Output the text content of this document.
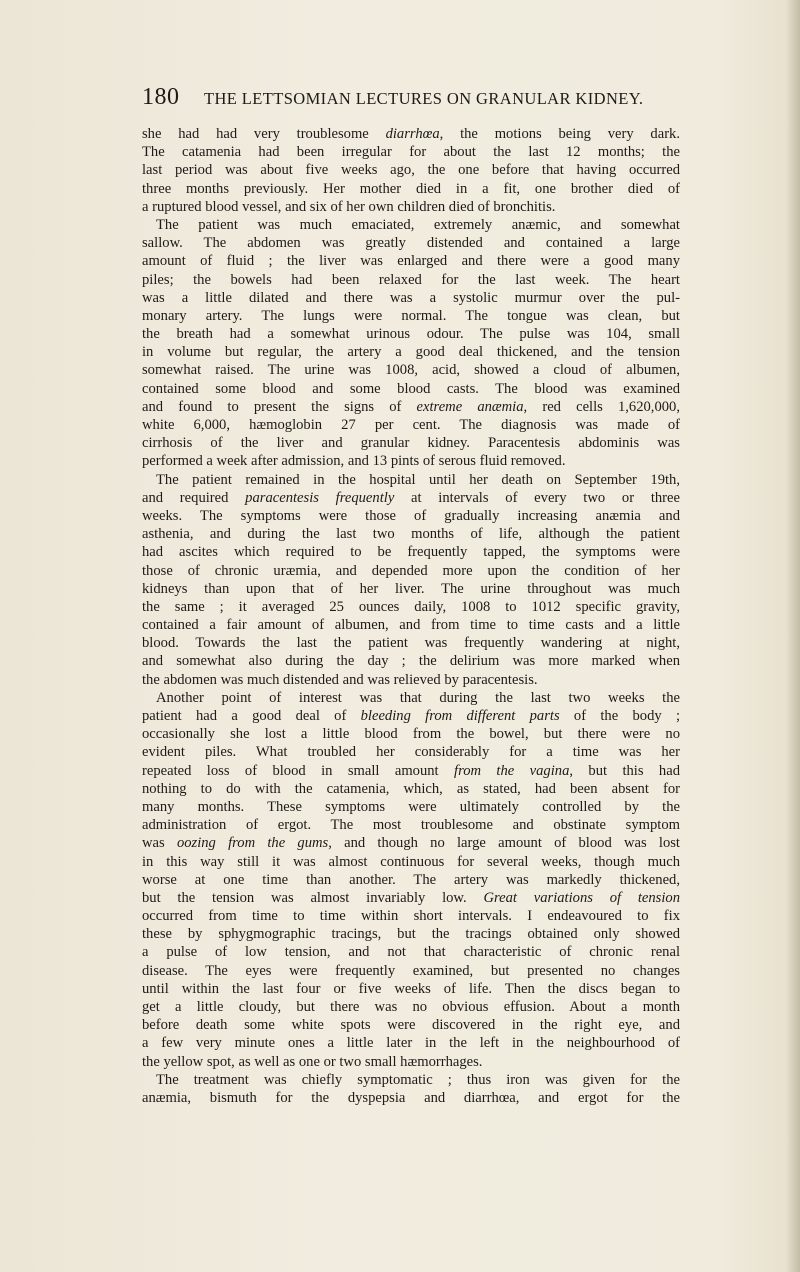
180 THE LETTSOMIAN LECTURES ON GRANULAR KIDNEY.
she had had very troublesome diarrhœa, the motions being very dark.
The catamenia had been irregular for about the last 12 months; the
last period was about five weeks ago, the one before that having occurred
three months previously. Her mother died in a fit, one brother died of
a ruptured blood vessel, and six of her own children died of bronchitis.
The patient was much emaciated, extremely anæmic, and somewhat
sallow. The abdomen was greatly distended and contained a large
amount of fluid ; the liver was enlarged and there were a good many
piles; the bowels had been relaxed for the last week. The heart
was a little dilated and there was a systolic murmur over the pul-
monary artery. The lungs were normal. The tongue was clean, but
the breath had a somewhat urinous odour. The pulse was 104, small
in volume but regular, the artery a good deal thickened, and the tension
somewhat raised. The urine was 1008, acid, showed a cloud of albumen,
contained some blood and some blood casts. The blood was examined
and found to present the signs of extreme anæmia, red cells 1,620,000,
white 6,000, hæmoglobin 27 per cent. The diagnosis was made of
cirrhosis of the liver and granular kidney. Paracentesis abdominis was
performed a week after admission, and 13 pints of serous fluid removed.
The patient remained in the hospital until her death on September 19th,
and required paracentesis frequently at intervals of every two or three
weeks. The symptoms were those of gradually increasing anæmia and
asthenia, and during the last two months of life, although the patient
had ascites which required to be frequently tapped, the symptoms were
those of chronic uræmia, and depended more upon the condition of her
kidneys than upon that of her liver. The urine throughout was much
the same ; it averaged 25 ounces daily, 1008 to 1012 specific gravity,
contained a fair amount of albumen, and from time to time casts and a little
blood. Towards the last the patient was frequently wandering at night,
and somewhat also during the day ; the delirium was more marked when
the abdomen was much distended and was relieved by paracentesis.
Another point of interest was that during the last two weeks the
patient had a good deal of bleeding from different parts of the body ;
occasionally she lost a little blood from the bowel, but there were no
evident piles. What troubled her considerably for a time was her
repeated loss of blood in small amount from the vagina, but this had
nothing to do with the catamenia, which, as stated, had been absent for
many months. These symptoms were ultimately controlled by the
administration of ergot. The most troublesome and obstinate symptom
was oozing from the gums, and though no large amount of blood was lost
in this way still it was almost continuous for several weeks, though much
worse at one time than another. The artery was markedly thickened,
but the tension was almost invariably low. Great variations of tension
occurred from time to time within short intervals. I endeavoured to fix
these by sphygmographic tracings, but the tracings obtained only showed
a pulse of low tension, and not that characteristic of chronic renal
disease. The eyes were frequently examined, but presented no changes
until within the last four or five weeks of life. Then the discs began to
get a little cloudy, but there was no obvious effusion. About a month
before death some white spots were discovered in the right eye, and
a few very minute ones a little later in the left in the neighbourhood of
the yellow spot, as well as one or two small hæmorrhages.
The treatment was chiefly symptomatic ; thus iron was given for the
anæmia, bismuth for the dyspepsia and diarrhœa, and ergot for the
